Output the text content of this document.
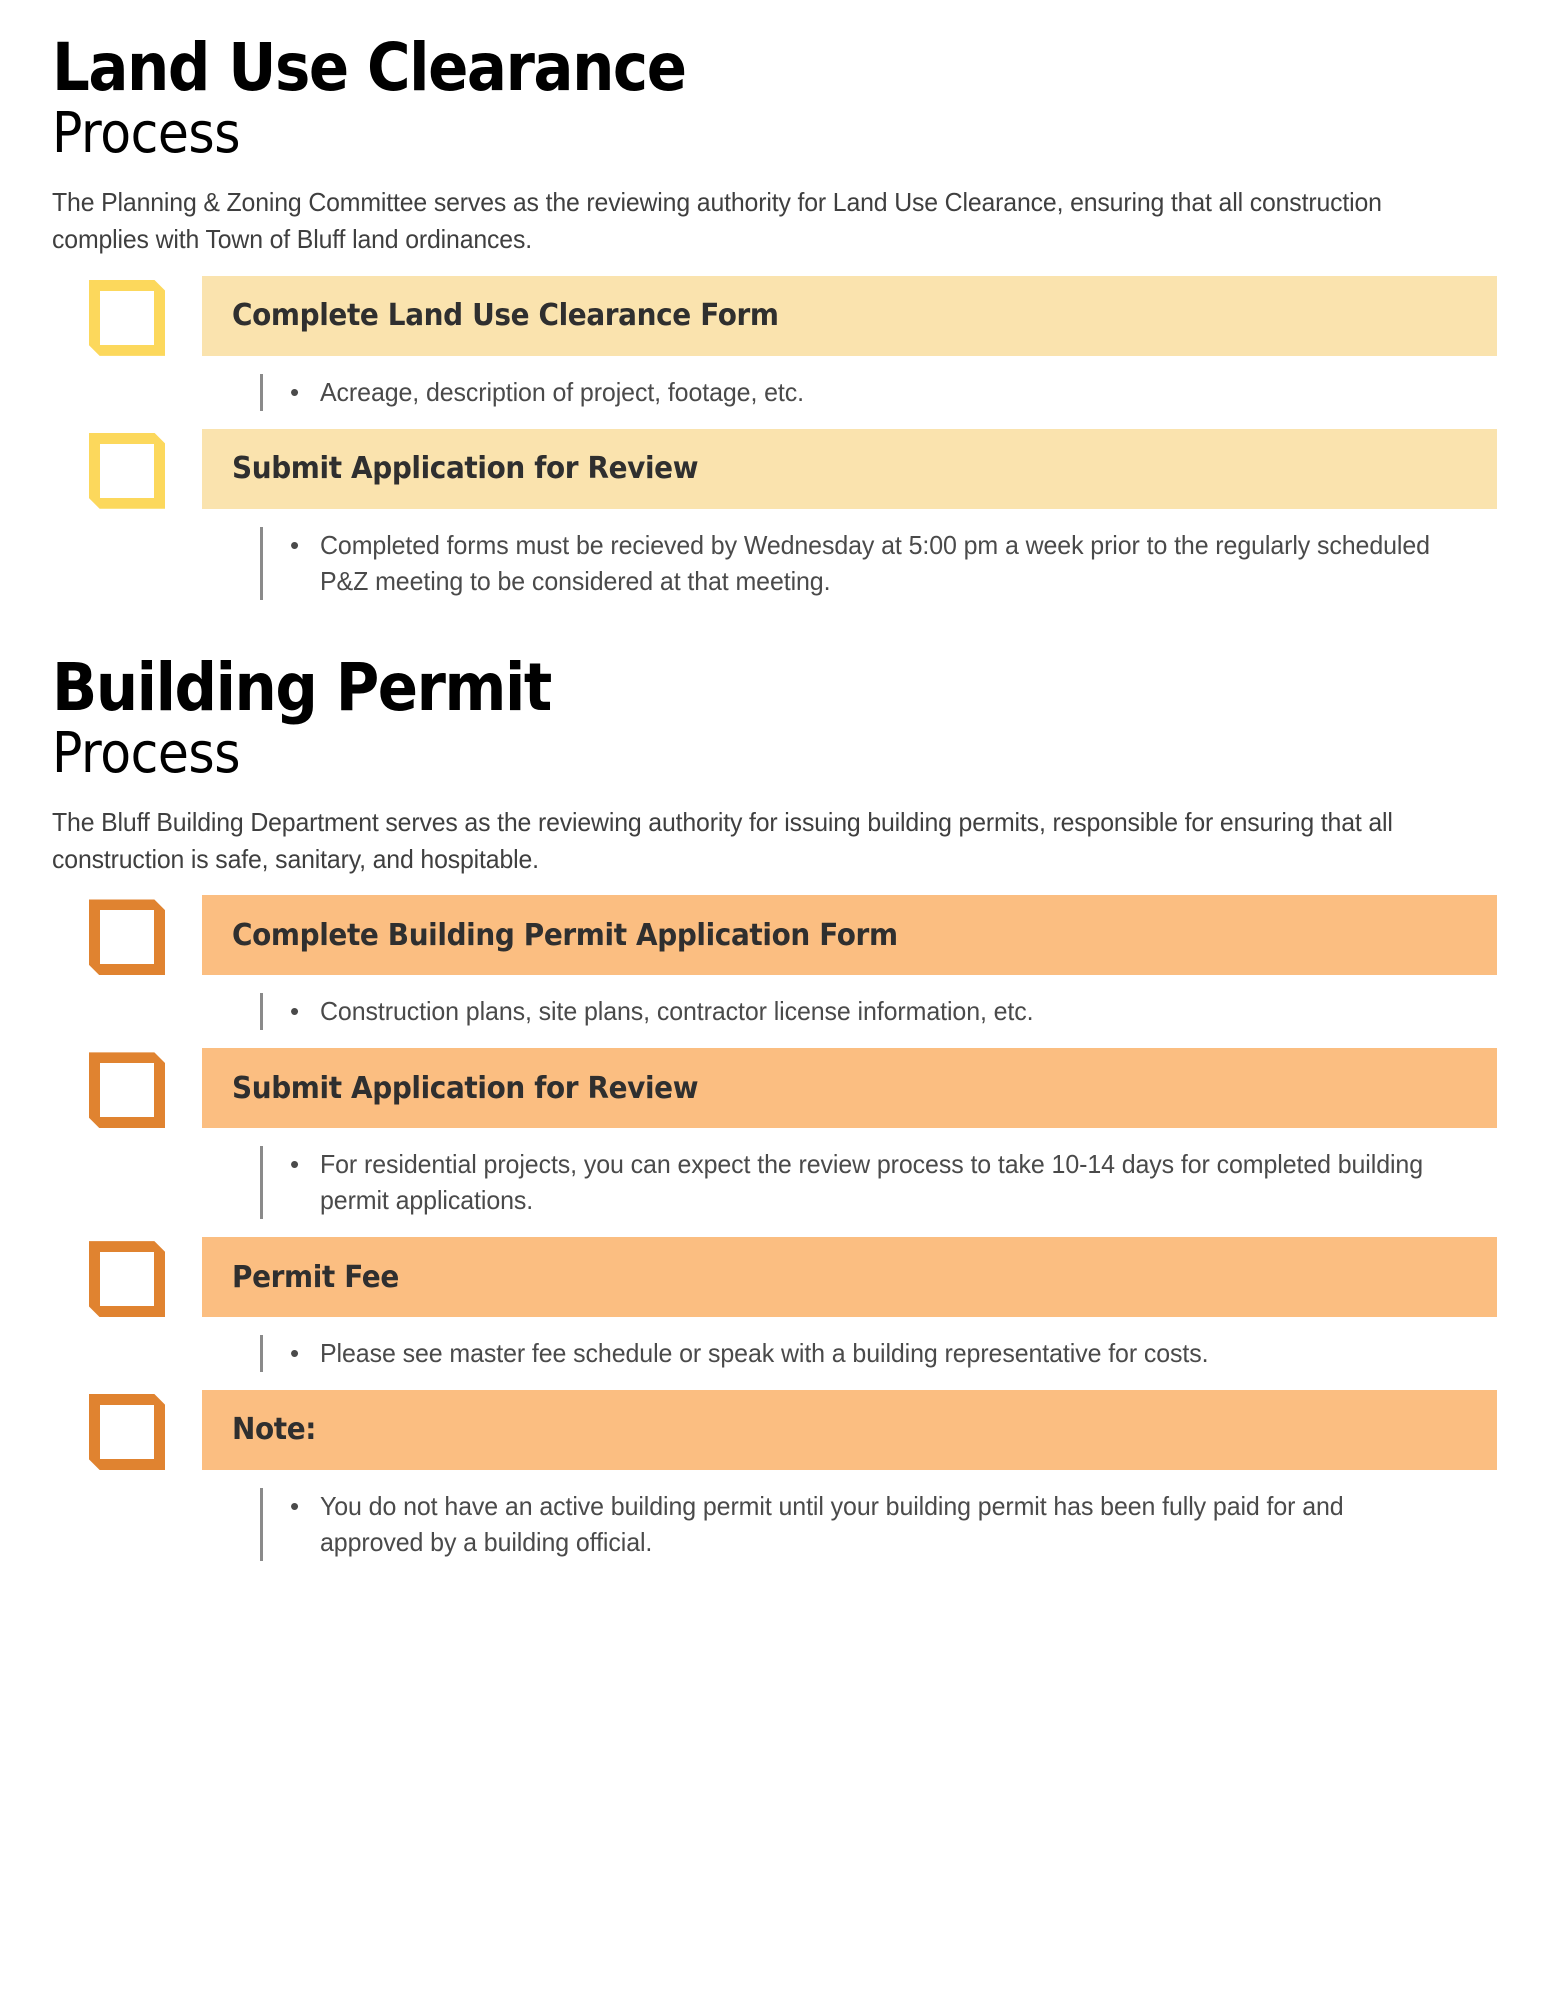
Land Use Clearance
Process
The Planning & Zoning Committee serves as the reviewing authority for Land Use Clearance, ensuring that all construction complies with Town of Bluff land ordinances.
Complete Land Use Clearance Form
• Acreage, description of project, footage, etc.
Submit Application for Review
• Completed forms must be recieved by Wednesday at 5:00 pm a week prior to the regularly scheduled P&Z meeting to be considered at that meeting.
Building Permit
Process
The Bluff Building Department serves as the reviewing authority for issuing building permits, responsible for ensuring that all construction is safe, sanitary, and hospitable.
Complete Building Permit Application Form
• Construction plans, site plans, contractor license information, etc.
Submit Application for Review
• For residential projects, you can expect the review process to take 10-14 days for completed building permit applications.
Permit Fee
• Please see master fee schedule or speak with a building representative for costs.
Note:
• You do not have an active building permit until your building permit has been fully paid for and approved by a building official.
